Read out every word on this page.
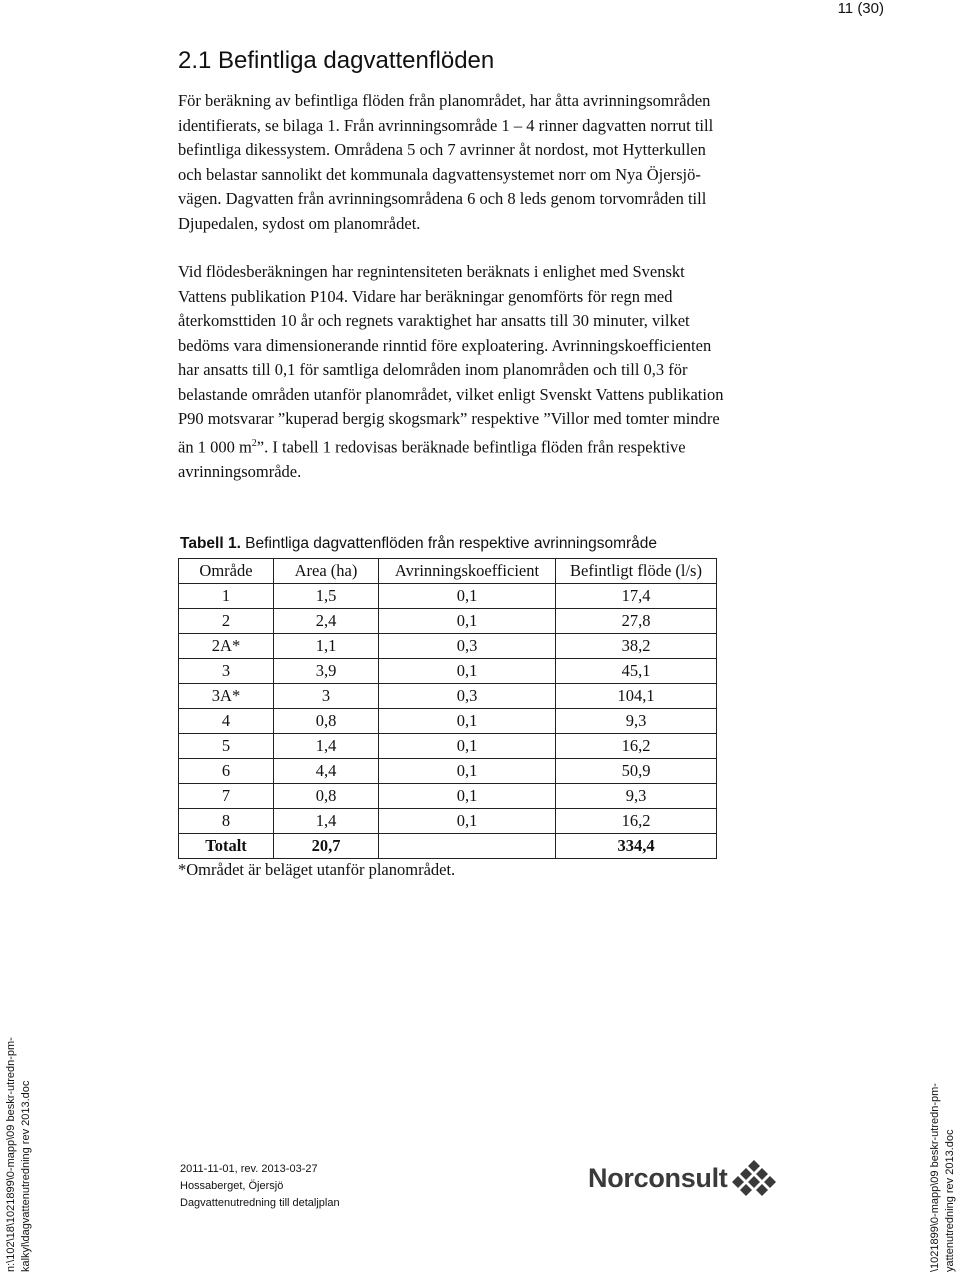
11 (30)
2.1 Befintliga dagvattenflöden
För beräkning av befintliga flöden från planområdet, har åtta avrinningsområden
identifierats, se bilaga 1. Från avrinningsområde 1 – 4 rinner dagvatten norrut till
befintliga dikessystem. Områdena 5 och 7 avrinner åt nordost, mot Hytterkullen
och belastar sannolikt det kommunala dagvattensystemet norr om Nya Öjersjö-
vägen. Dagvatten från avrinningsområdena 6 och 8 leds genom torvområden till
Djupedalen, sydost om planområdet.
Vid flödesberäkningen har regnintensiteten beräknats i enlighet med Svenskt
Vattens publikation P104. Vidare har beräkningar genomförts för regn med
återkomsttiden 10 år och regnets varaktighet har ansatts till 30 minuter, vilket
bedöms vara dimensionerande rinntid före exploatering. Avrinningskoefficienten
har ansatts till 0,1 för samtliga delområden inom planområden och till 0,3 för
belastande områden utanför planområdet, vilket enligt Svenskt Vattens publikation
P90 motsvarar ”kuperad bergig skogsmark” respektive ”Villor med tomter mindre
än 1 000 $m^2$”. I tabell 1 redovisas beräknade befintliga flöden från respektive
avrinningsområde.
Tabell 1. Befintliga dagvattenflöden från respektive avrinningsområde
Område	Area (ha)	Avrinningskoefficient	Befintligt flöde (l/s)
1	1,5	0,1	17,4
2	2,4	0,1	27,8
2A*	1,1	0,3	38,2
3	3,9	0,1	45,1
3A*	3	0,3	104,1
4	0,8	0,1	9,3
5	1,4	0,1	16,2
6	4,4	0,1	50,9
7	0,8	0,1	9,3
8	1,4	0,1	16,2
Totalt	20,7		334,4
*Området är beläget utanför planområdet.
n:\102\18\1021899\0-mapp\09 beskr-utredn-pm- kalkyl\dagvattenutredning rev 2013.doc	\1021899\0-mapp\09 beskr-utredn-pm- yattenutredning rev 2013.doc
2011-11-01, rev. 2013-03-27
Hossaberget, Öjersjö
Dagvattenutredning till detaljplan
Norconsult
